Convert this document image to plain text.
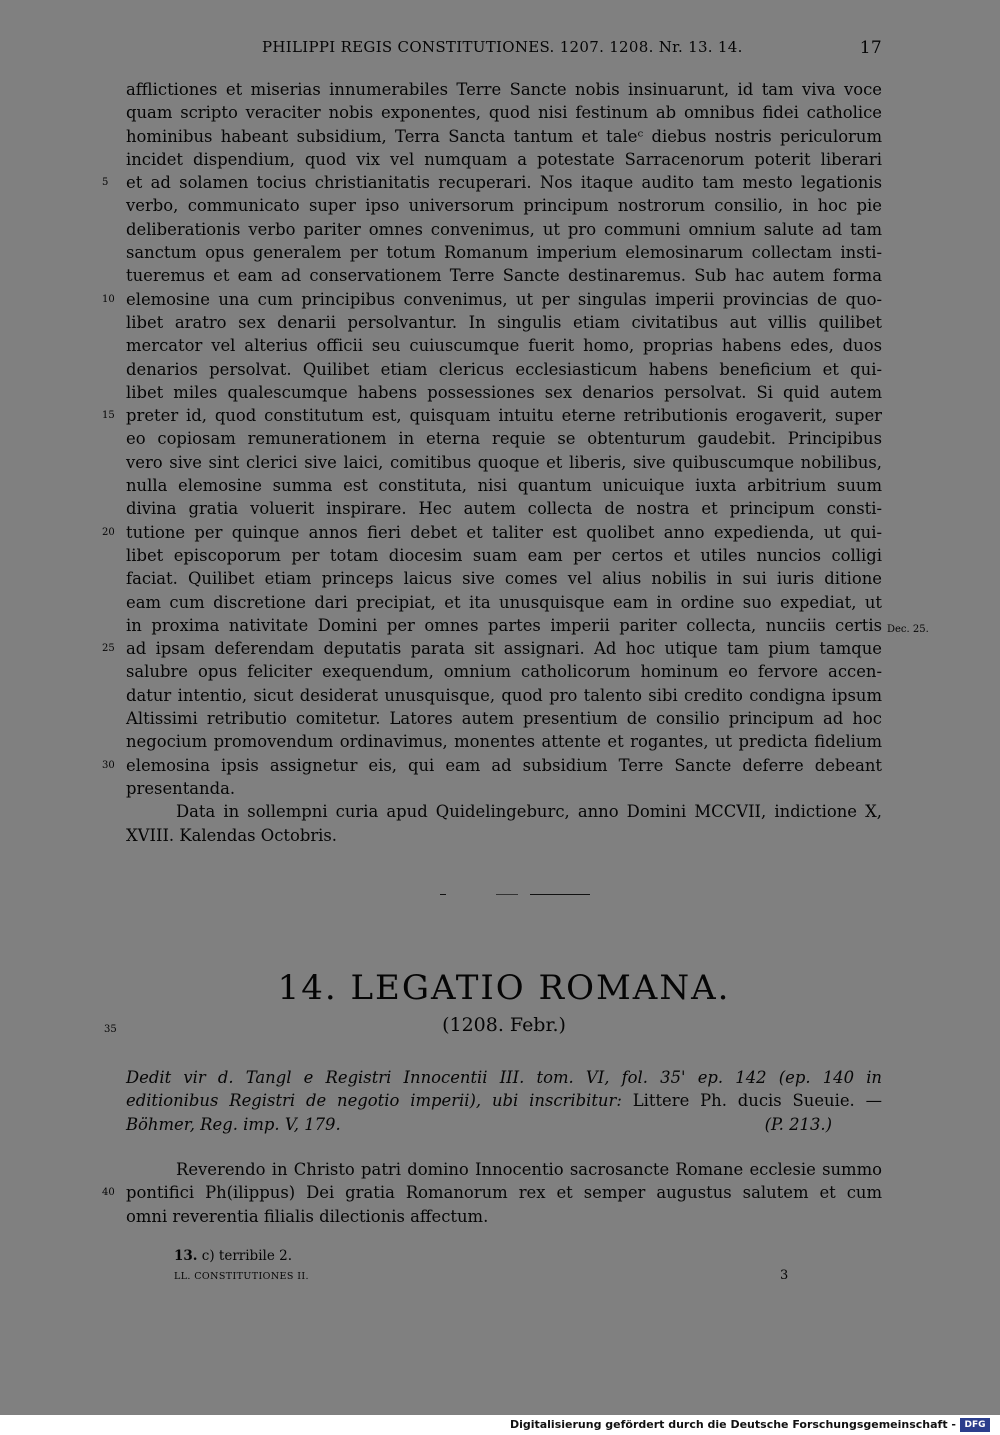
PHILIPPI REGIS CONSTITUTIONES. 1207. 1208. Nr. 13. 14.	17
afflictiones et miserias innumerabiles Terre Sancte nobis insinuarunt, id tam viva voce
quam scripto veraciter nobis exponentes, quod nisi festinum ab omnibus fidei catholice
hominibus habeant subsidium, Terra Sancta tantum et taleᶜ diebus nostris periculorum
incidet dispendium, quod vix vel numquam a potestate Sarracenorum poterit liberari
et ad solamen tocius christianitatis recuperari. Nos itaque audito tam mesto legationis
5
verbo, communicato super ipso universorum principum nostrorum consilio, in hoc pie
deliberationis verbo pariter omnes convenimus, ut pro communi omnium salute ad tam
sanctum opus generalem per totum Romanum imperium elemosinarum collectam insti-
tueremus et eam ad conservationem Terre Sancte destinaremus. Sub hac autem forma
elemosine una cum principibus convenimus, ut per singulas imperii provincias de quo-
10
libet aratro sex denarii persolvantur. In singulis etiam civitatibus aut villis quilibet
mercator vel alterius officii seu cuiuscumque fuerit homo, proprias habens edes, duos
denarios persolvat. Quilibet etiam clericus ecclesiasticum habens beneficium et qui-
libet miles qualescumque habens possessiones sex denarios persolvat. Si quid autem
preter id, quod constitutum est, quisquam intuitu eterne retributionis erogaverit, super
15
eo copiosam remunerationem in eterna requie se obtenturum gaudebit. Principibus
vero sive sint clerici sive laici, comitibus quoque et liberis, sive quibuscumque nobilibus,
nulla elemosine summa est constituta, nisi quantum unicuique iuxta arbitrium suum
divina gratia voluerit inspirare. Hec autem collecta de nostra et principum consti-
tutione per quinque annos fieri debet et taliter est quolibet anno expedienda, ut qui-
20
libet episcoporum per totam diocesim suam eam per certos et utiles nuncios colligi
faciat. Quilibet etiam princeps laicus sive comes vel alius nobilis in sui iuris ditione
eam cum discretione dari precipiat, et ita unusquisque eam in ordine suo expediat, ut
in proxima nativitate Domini per omnes partes imperii pariter collecta, nunciis certis
ad ipsam deferendam deputatis parata sit assignari. Ad hoc utique tam pium tamque
25
salubre opus feliciter exequendum, omnium catholicorum hominum eo fervore accen-
datur intentio, sicut desiderat unusquisque, quod pro talento sibi credito condigna ipsum
Altissimi retributio comitetur. Latores autem presentium de consilio principum ad hoc
negocium promovendum ordinavimus, monentes attente et rogantes, ut predicta fidelium
elemosina ipsis assignetur eis, qui eam ad subsidium Terre Sancte deferre debeant
30
presentanda.
Data in sollempni curia apud Quidelingeburc, anno Domini MCCVII, indictione X,
XVIII. Kalendas Octobris.
Dec. 25.
14. LEGATIO ROMANA.
(1208. Febr.)
35
Dedit vir d. Tangl e Registri Innocentii III. tom. VI, fol. 35' ep. 142 (ep. 140 in
editionibus Registri de negotio imperii), ubi inscribitur: Littere Ph. ducis Sueuie. —
Böhmer, Reg. imp. V, 179.	(P. 213.)
Reverendo in Christo patri domino Innocentio sacrosancte Romane ecclesie summo
pontifici Ph(ilippus) Dei gratia Romanorum rex et semper augustus salutem et cum
40
omni reverentia filialis dilectionis affectum.
13. c) terribile 2.
LL. CONSTITUTIONES II.	3
Digitalisierung gefördert durch die Deutsche Forschungsgemeinschaft - DFG
